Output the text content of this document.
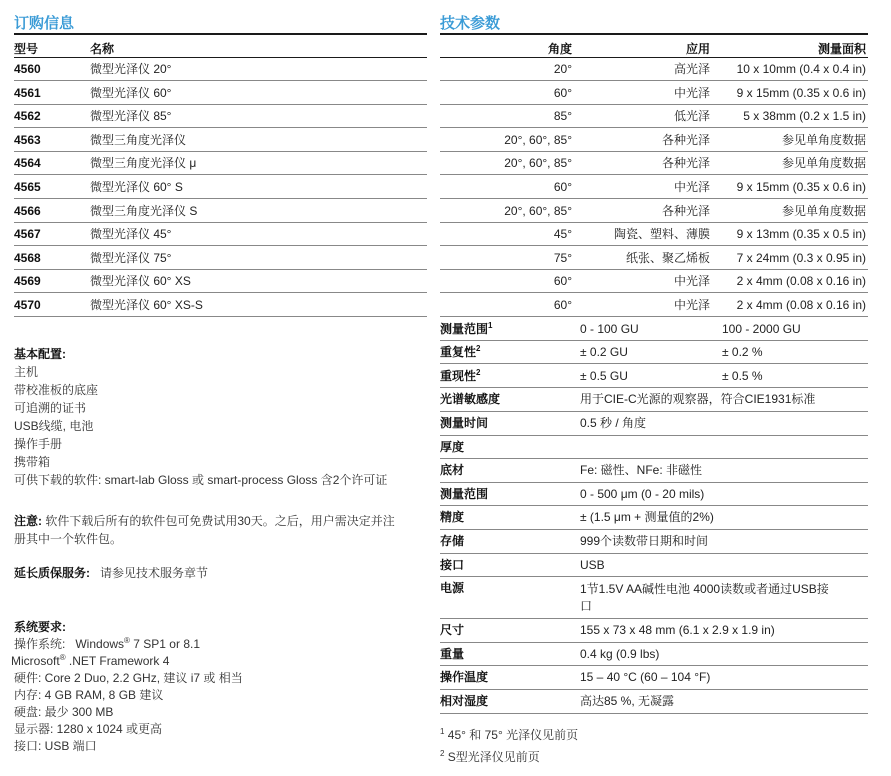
订购信息
型号	名称
4560	微型光泽仪 20°
4561	微型光泽仪 60°
4562	微型光泽仪 85°
4563	微型三角度光泽仪
4564	微型三角度光泽仪 μ
4565	微型光泽仪 60° S
4566	微型三角度光泽仪 S
4567	微型光泽仪 45°
4568	微型光泽仪 75°
4569	微型光泽仪 60° XS
4570	微型光泽仪 60° XS-S
基本配置:
主机
带校准板的底座
可追溯的证书
USB线缆, 电池
操作手册
携带箱
可供下载的软件: smart-lab Gloss 或 smart-process Gloss 含2个许可证
注意: 软件下载后所有的软件包可免费试用30天。之后，用户需决定并注
册其中一个软件包。
延长质保服务: 请参见技术服务章节
系统要求:
操作系统: Windows® 7 SP1 or 8.1
Microsoft® .NET Framework 4
硬件: Core 2 Duo, 2.2 GHz, 建议 i7 或 相当
内存: 4 GB RAM, 8 GB 建议
硬盘: 最少 300 MB
显示器: 1280 x 1024 或更高
接口: USB 端口
技术参数
角度	应用	测量面积
20°	高光泽	10 x 10mm (0.4 x 0.4 in)
60°	中光泽	9 x 15mm (0.35 x 0.6 in)
85°	低光泽	5 x 38mm (0.2 x 1.5 in)
20°, 60°, 85°	各种光泽	参见单角度数据
20°, 60°, 85°	各种光泽	参见单角度数据
60°	中光泽	9 x 15mm (0.35 x 0.6 in)
20°, 60°, 85°	各种光泽	参见单角度数据
45°	陶瓷、塑料、薄膜	9 x 13mm (0.35 x 0.5 in)
75°	纸张、聚乙烯板	7 x 24mm (0.3 x 0.95 in)
60°	中光泽	2 x 4mm (0.08 x 0.16 in)
60°	中光泽	2 x 4mm (0.08 x 0.16 in)
测量范围$^1$	0 - 100 GU	100 - 2000 GU
重复性$^2$	± 0.2 GU	± 0.2 %
重现性$^2$	± 0.5 GU	± 0.5 %
光谱敏感度	用于CIE-C光源的观察器，符合CIE1931标准
测量时间	0.5 秒 / 角度
厚度
底材	Fe: 磁性、NFe: 非磁性
测量范围	0 - 500 μm (0 - 20 mils)
精度	± (1.5 μm + 测量值的2%)
存储	999个读数带日期和时间
接口	USB
电源	1节1.5V AA碱性电池 4000读数或者通过USB接
口
尺寸	155 x 73 x 48 mm (6.1 x 2.9 x 1.9 in)
重量	0.4 kg (0.9 lbs)
操作温度	15 – 40 °C (60 – 104 °F)
相对湿度	高达85 %, 无凝露
$^1$ 45° 和 75° 光泽仪见前页
$^2$ S型光泽仪见前页
